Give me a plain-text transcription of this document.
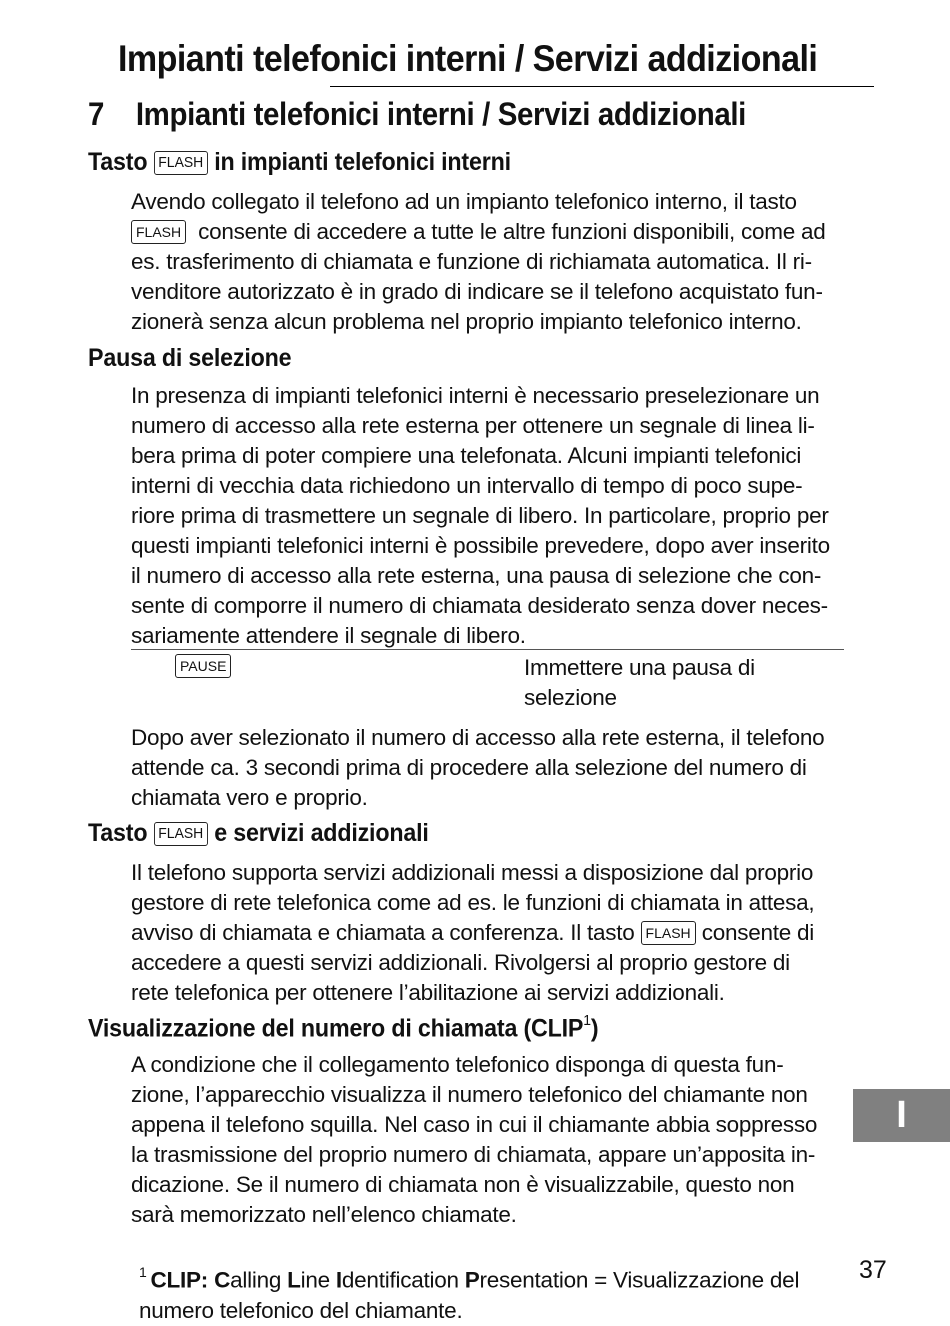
Impianti telefonici interni / Servizi addizionali
7 Impianti telefonici interni / Servizi addizionali
Tasto FLASH in impianti telefonici interni
Avendo collegato il telefono ad un impianto telefonico interno, il tasto
FLASH consente di accedere a tutte le altre funzioni disponibili, come ad
es. trasferimento di chiamata e funzione di richiamata automatica. Il ri-
venditore autorizzato è in grado di indicare se il telefono acquistato fun-
zionerà senza alcun problema nel proprio impianto telefonico interno.
Pausa di selezione
In presenza di impianti telefonici interni è necessario preselezionare un
numero di accesso alla rete esterna per ottenere un segnale di linea li-
bera prima di poter compiere una telefonata. Alcuni impianti telefonici
interni di vecchia data richiedono un intervallo di tempo di poco supe-
riore prima di trasmettere un segnale di libero. In particolare, proprio per
questi impianti telefonici interni è possibile prevedere, dopo aver inserito
il numero di accesso alla rete esterna, una pausa di selezione che con-
sente di comporre il numero di chiamata desiderato senza dover neces-
sariamente attendere il segnale di libero.
PAUSE	Immettere una pausa di
selezione
Dopo aver selezionato il numero di accesso alla rete esterna, il telefono
attende ca. 3 secondi prima di procedere alla selezione del numero di
chiamata vero e proprio.
Tasto FLASH e servizi addizionali
Il telefono supporta servizi addizionali messi a disposizione dal proprio
gestore di rete telefonica come ad es. le funzioni di chiamata in attesa,
avviso di chiamata e chiamata a conferenza. Il tasto FLASH consente di
accedere a questi servizi addizionali. Rivolgersi al proprio gestore di
rete telefonica per ottenere l’abilitazione ai servizi addizionali.
Visualizzazione del numero di chiamata (CLIP$^1$)
A condizione che il collegamento telefonico disponga di questa fun-
zione, l’apparecchio visualizza il numero telefonico del chiamante non
appena il telefono squilla. Nel caso in cui il chiamante abbia soppresso
la trasmissione del proprio numero di chiamata, appare un’apposita in-
dicazione. Se il numero di chiamata non è visualizzabile, questo non
sarà memorizzato nell’elenco chiamate.
I
$^1$ CLIP: Calling Line Identification Presentation = Visualizzazione del
numero telefonico del chiamante.
37
